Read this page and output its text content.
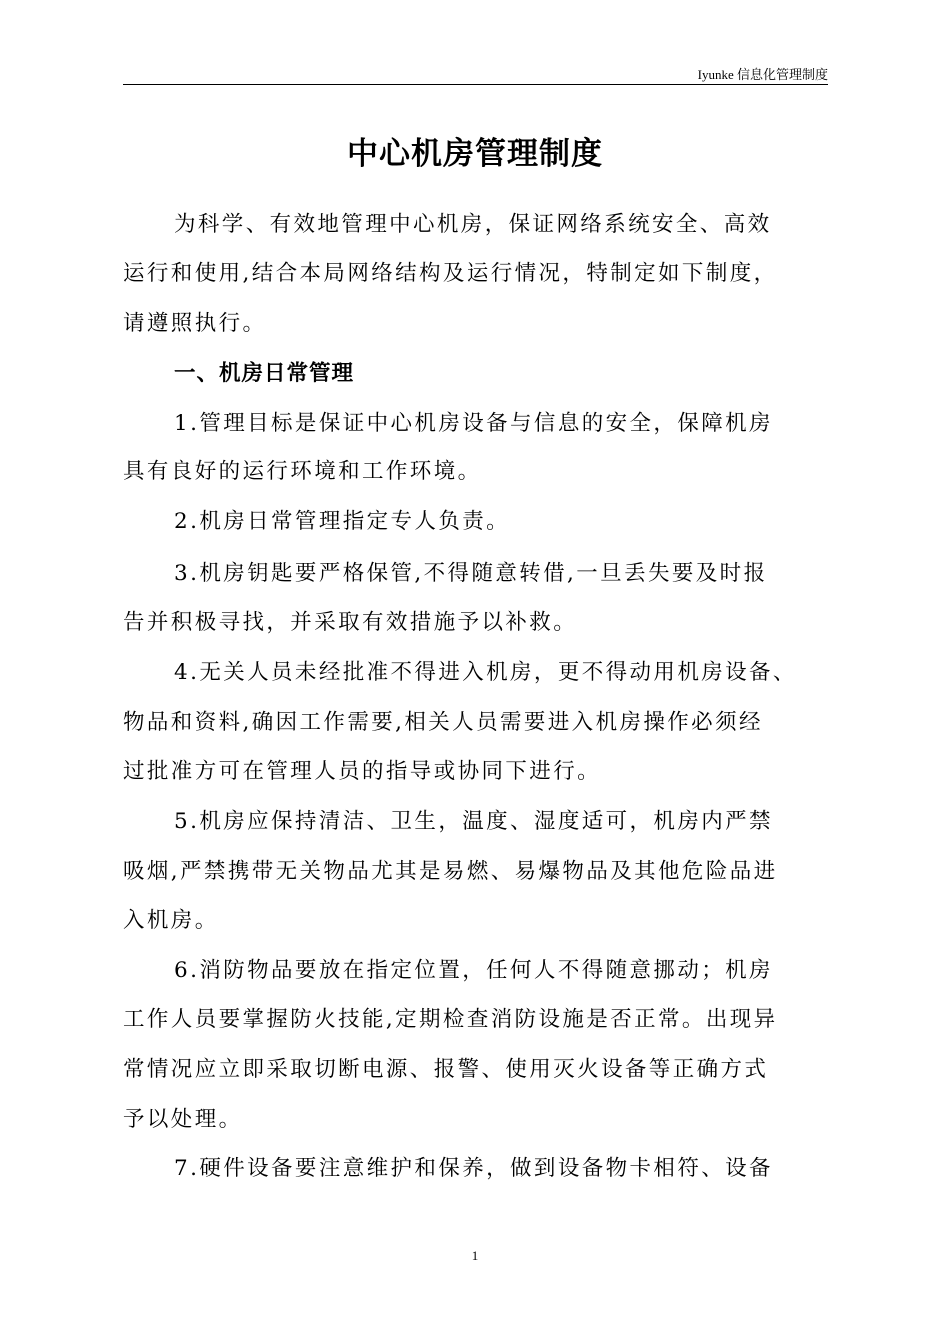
Iyunke 信息化管理制度
中心机房管理制度
为科学、有效地管理中心机房，保证网络系统安全、高效
运行和使用,结合本局网络结构及运行情况，特制定如下制度，
请遵照执行。
一、机房日常管理
1.管理目标是保证中心机房设备与信息的安全，保障机房
具有良好的运行环境和工作环境。
2.机房日常管理指定专人负责。
3.机房钥匙要严格保管,不得随意转借,一旦丢失要及时报
告并积极寻找，并采取有效措施予以补救。
4.无关人员未经批准不得进入机房，更不得动用机房设备、
物品和资料,确因工作需要,相关人员需要进入机房操作必须经
过批准方可在管理人员的指导或协同下进行。
5.机房应保持清洁、卫生，温度、湿度适可，机房内严禁
吸烟,严禁携带无关物品尤其是易燃、易爆物品及其他危险品进
入机房。
6.消防物品要放在指定位置，任何人不得随意挪动；机房
工作人员要掌握防火技能,定期检查消防设施是否正常。出现异
常情况应立即采取切断电源、报警、使用灭火设备等正确方式
予以处理。
7.硬件设备要注意维护和保养，做到设备物卡相符、设备
1
